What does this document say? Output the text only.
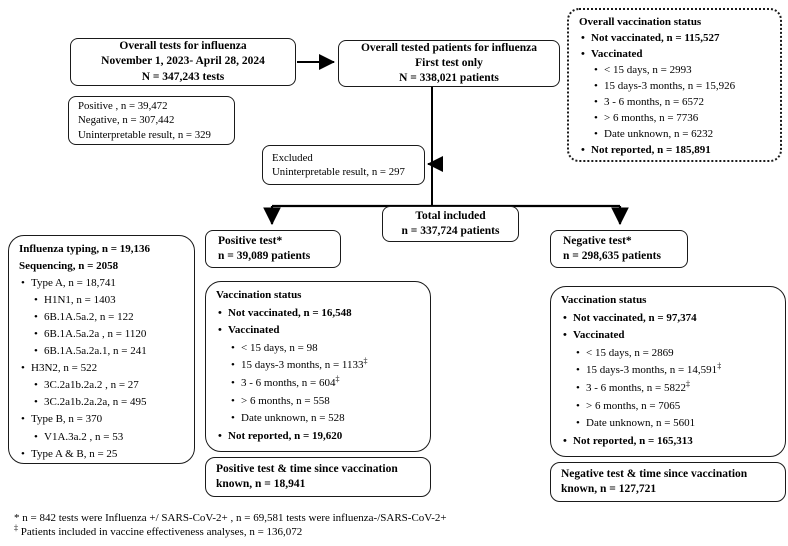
Overall tests for influenza
November 1, 2023- April 28, 2024
N = 347,243 tests
Overall tested patients for influenza
First test only
N = 338,021 patients
Overall vaccination status
• Not vaccinated, n = 115,527
• Vaccinated
• < 15 days, n = 2993
• 15 days-3 months, n = 15,926
• 3 - 6 months, n = 6572
• > 6 months, n = 7736
• Date unknown, n = 6232
• Not reported, n = 185,891
Positive , n = 39,472
Negative, n = 307,442
Uninterpretable result, n = 329
Excluded
Uninterpretable result, n = 297
Total included
n = 337,724 patients
Influenza typing, n = 19,136
Sequencing, n = 2058
• Type A, n = 18,741
• H1N1, n = 1403
• 6B.1A.5a.2, n = 122
• 6B.1A.5a.2a , n = 1120
• 6B.1A.5a.2a.1, n = 241
• H3N2, n = 522
• 3C.2a1b.2a.2 , n = 27
• 3C.2a1b.2a.2a, n = 495
• Type B, n = 370
• V1A.3a.2 , n = 53
• Type A & B, n = 25
Positive test*
n = 39,089 patients
Negative test*
n = 298,635 patients
Vaccination status
• Not vaccinated, n = 16,548
• Vaccinated
• < 15 days, n = 98
• 15 days-3 months, n = 1133‡
• 3 - 6 months, n = 604‡
• > 6 months, n = 558
• Date unknown, n = 528
• Not reported, n = 19,620
Vaccination status
• Not vaccinated, n = 97,374
• Vaccinated
• < 15 days, n = 2869
• 15 days-3 months, n = 14,591‡
• 3 - 6 months, n = 5822‡
• > 6 months, n = 7065
• Date unknown, n = 5601
• Not reported, n = 165,313
Positive test & time since vaccination known, n = 18,941
Negative test & time since vaccination known, n = 127,721
* n = 842 tests were Influenza +/ SARS-CoV-2+ , n = 69,581 tests were influenza-/SARS-CoV-2+
‡ Patients included in vaccine effectiveness analyses, n = 136,072
